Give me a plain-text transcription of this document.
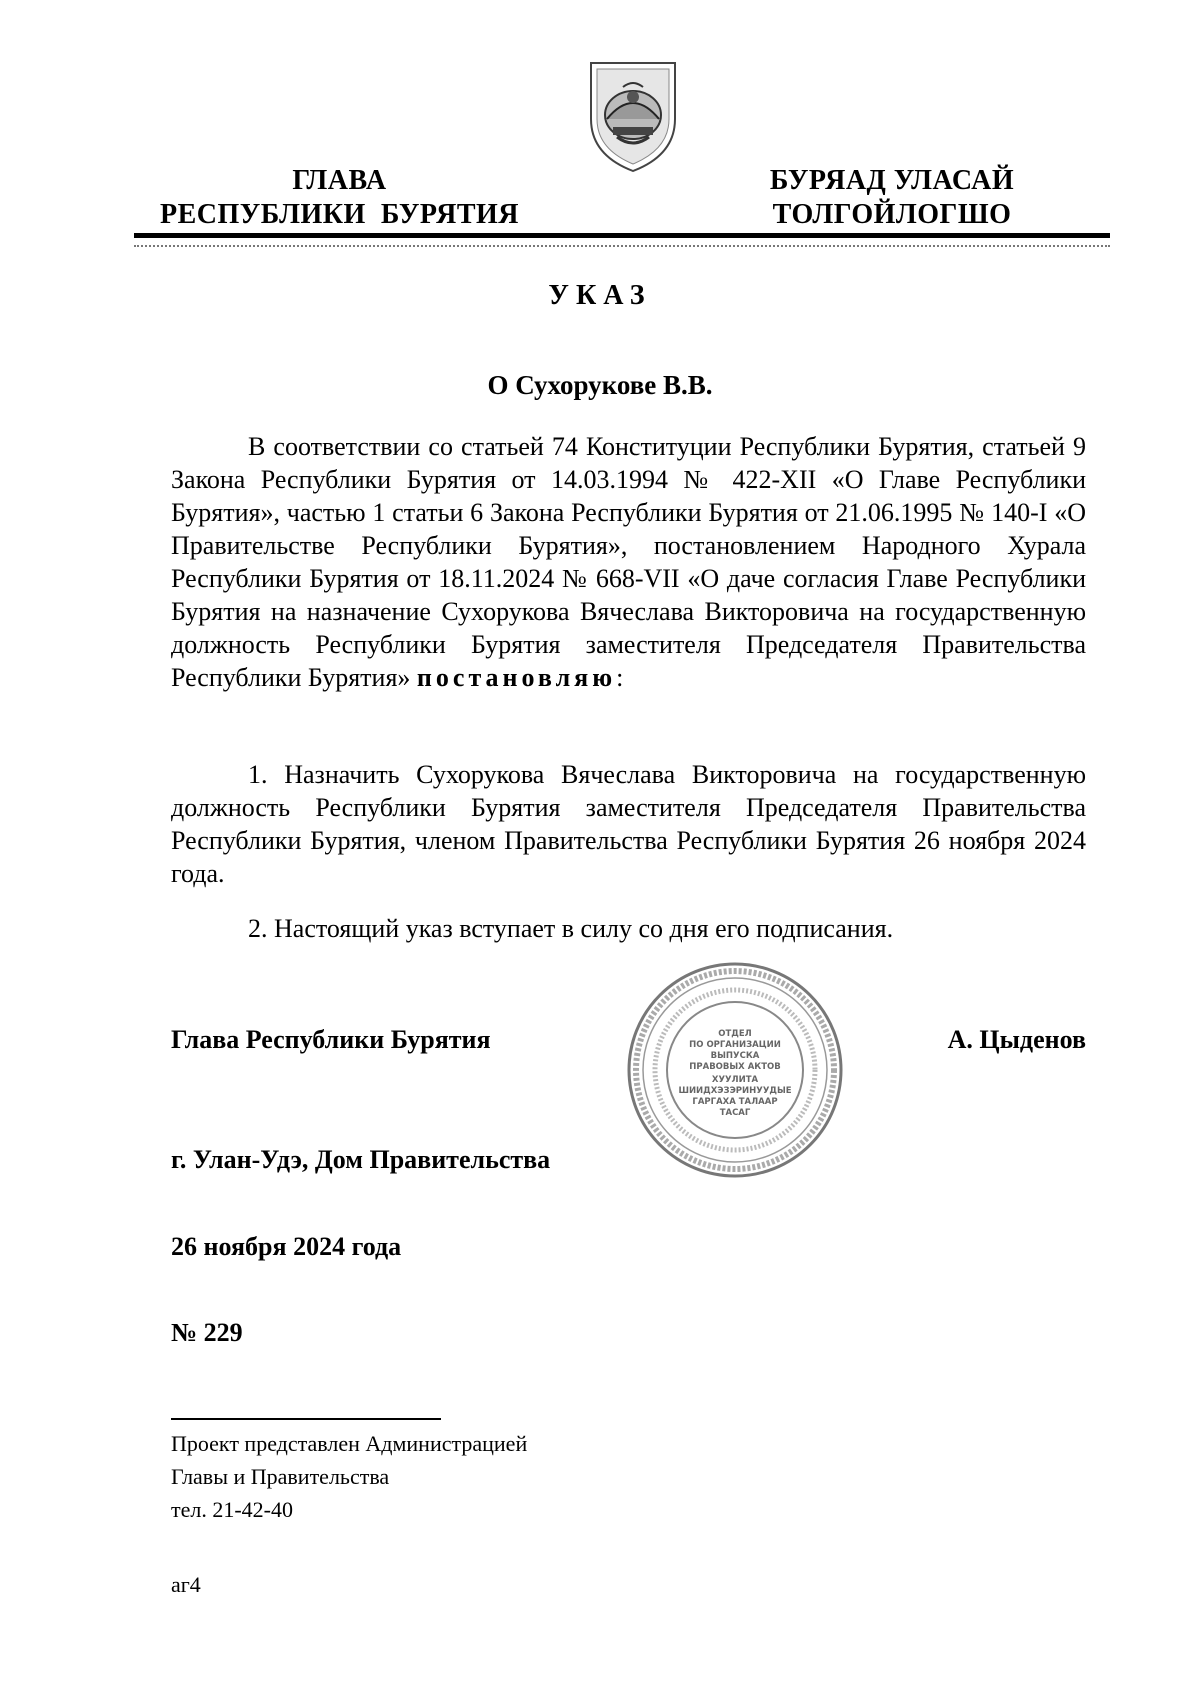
ГЛАВА
РЕСПУБЛИКИ  БУРЯТИЯ
БУРЯАД УЛАСАЙ
ТОЛГОЙЛОГШО
УКАЗ
О Сухорукове В.В.
В соответствии со статьей 74 Конституции Республики Бурятия, статьей 9 Закона Республики Бурятия от 14.03.1994 № 422-XII «О Главе Республики Бурятия», частью 1 статьи 6 Закона Республики Бурятия от 21.06.1995 № 140-I «О Правительстве Республики Бурятия», постановлением Народного Хурала Республики Бурятия от 18.11.2024 № 668-VII «О даче согласия Главе Республики Бурятия на назначение Сухорукова Вячеслава Викторовича на государственную должность Республики Бурятия заместителя Председателя Правительства Республики Бурятия» постановляю:
1. Назначить Сухорукова Вячеслава Викторовича на государственную должность Республики Бурятия заместителя Председателя Правительства Республики Бурятия, членом Правительства Республики Бурятия 26 ноября 2024 года.
2. Настоящий указ вступает в силу со дня его подписания.
Глава Республики Бурятия	А. Цыденов
ОТДЕЛ
ПО ОРГАНИЗАЦИИ
ВЫПУСКА
ПРАВОВЫХ АКТОВ
ХУУЛИТА
ШИИДХЭЗЭРИНУУДЫЕ
ГАРГАХА ТАЛААР
ТАСАГ
г. Улан-Удэ, Дом Правительства
26 ноября 2024 года
№ 229
Проект представлен Администрацией
Главы и Правительства
тел. 21-42-40
аг4
